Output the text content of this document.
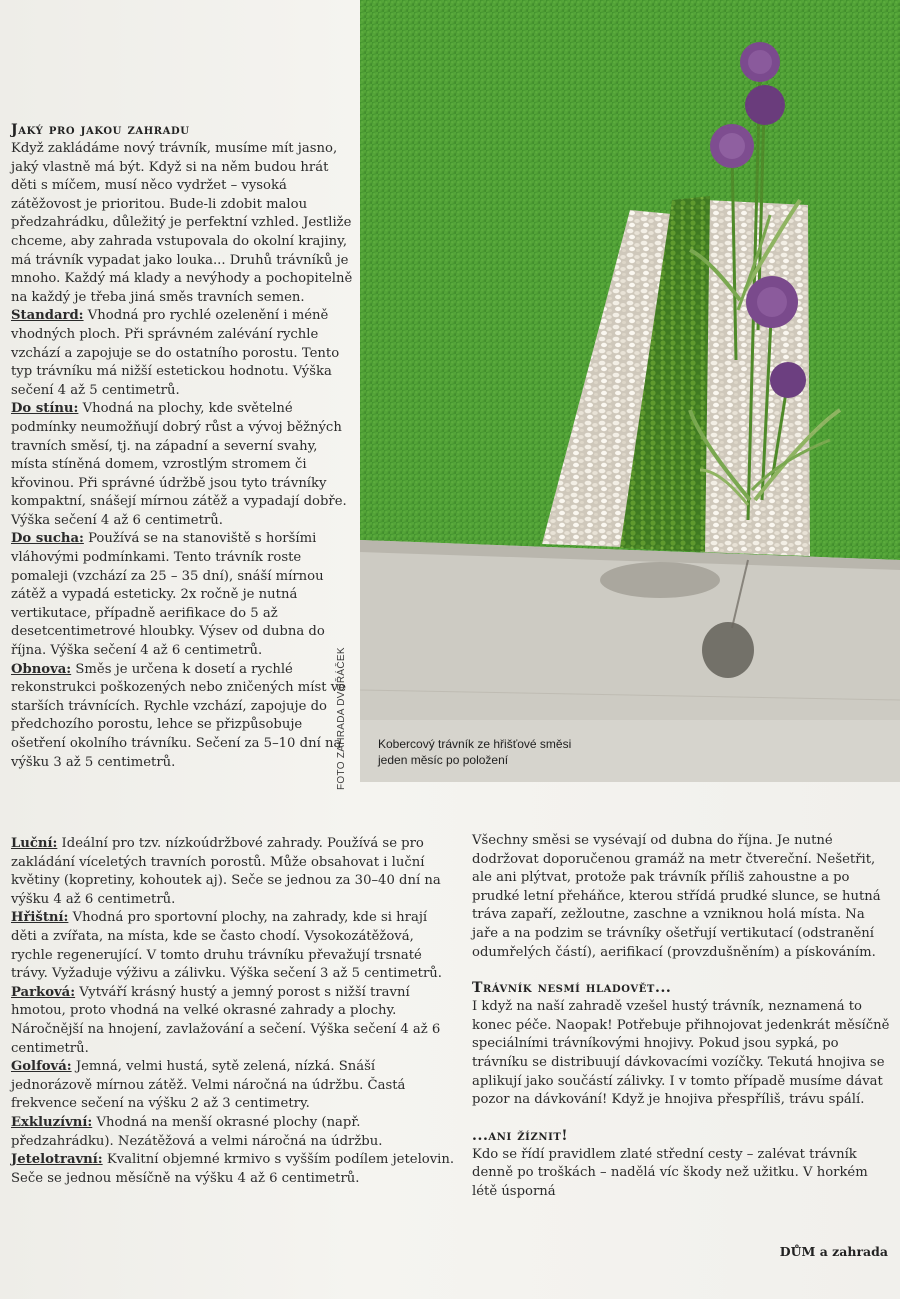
FOTO ZAHRADA DVOŘÁČEK	Kobercový trávník ze hřišťové směsi
jeden měsíc po položení
Jaký pro jakou zahradu

Když zakládáme nový trávník, musíme mít jasno, jaký vlastně má být. Když si na něm budou hrát děti s míčem, musí něco vydržet – vysoká zátěžovost je prioritou. Bude-li zdobit malou předzahrádku, důležitý je perfektní vzhled. Jestliže chceme, aby zahrada vstupovala do okolní krajiny, má trávník vypadat jako louka... Druhů trávníků je mnoho. Každý má klady a nevýhody a pochopitelně na každý je třeba jiná směs travních semen.

Standard: Vhodná pro rychlé ozelenění i méně vhodných ploch. Při správném zalévání rychle vzchází a zapojuje se do ostatního porostu. Tento typ trávníku má nižší estetickou hodnotu. Výška sečení 4 až 5 centimetrů.

Do stínu: Vhodná na plochy, kde světelné podmínky neumožňují dobrý růst a vývoj běžných travních směsí, tj. na západní a severní svahy, místa stíněná domem, vzrostlým stromem či křovinou. Při správné údržbě jsou tyto trávníky kompaktní, snášejí mírnou zátěž a vypadají dobře. Výška sečení 4 až 6 centimetrů.

Do sucha: Používá se na stanoviště s horšími vláhovými podmínkami. Tento trávník roste pomaleji (vzchází za 25 – 35 dní), snáší mírnou zátěž a vypadá esteticky. 2x ročně je nutná vertikutace, případně aerifikace do 5 až desetcentimetrové hloubky. Výsev od dubna do října. Výška sečení 4 až 6 centimetrů.

Obnova: Směs je určena k dosetí a rychlé rekonstrukci poškozených nebo zničených míst ve starších trávnících. Rychle vzchází, zapojuje do předchozího porostu, lehce se přizpůsobuje ošetření okolního trávníku. Sečení za 5–10 dní na výšku 3 až 5 centimetrů.

Luční: Ideální pro tzv. nízkoúdržbové zahrady. Používá se pro zakládání víceletých travních porostů. Může obsahovat i luční květiny (kopretiny, kohoutek aj). Seče se jednou za 30–40 dní na výšku 4 až 6 centimetrů.

Hřištní: Vhodná pro sportovní plochy, na zahrady, kde si hrají děti a zvířata, na místa, kde se často chodí. Vysokozátěžová, rychle regenerující. V tomto druhu trávníku převažují trsnaté trávy. Vyžaduje výživu a zálivku. Výška sečení 3 až 5 centimetrů.

Parková: Vytváří krásný hustý a jemný porost s nižší travní hmotou, proto vhodná na velké okrasné zahrady a plochy. Náročnější na hnojení, zavlažování a sečení. Výška sečení 4 až 6 centimetrů.

Golfová: Jemná, velmi hustá, sytě zelená, nízká. Snáší jednorázově mírnou zátěž. Velmi náročná na údržbu. Častá frekvence sečení na výšku 2 až 3 centimetry.

Exkluzívní: Vhodná na menší okrasné plochy (např. předzahrádku). Nezátěžová a velmi náročná na údržbu.

Jetelotravní: Kvalitní objemné krmivo s vyšším podílem jetelovin. Seče se jednou měsíčně na výšku 4 až 6 centimetrů.

Všechny směsi se vysévají od dubna do října. Je nutné dodržovat doporučenou gramáž na metr čtvereční. Nešetřit, ale ani plýtvat, protože pak trávník příliš zahoustne a po prudké letní přeháňce, kterou střídá prudké slunce, se hutná tráva zapaří, zežloutne, zaschne a vzniknou holá místa. Na jaře a na podzim se trávníky ošetřují vertikutací (odstranění odumřelých částí), aerifikací (provzdušněním) a pískováním.

Trávník nesmí hladovět...

I když na naší zahradě vzešel hustý trávník, neznamená to konec péče. Naopak! Potřebuje přihnojovat jedenkrát měsíčně speciálními trávníkovými hnojivy. Pokud jsou sypká, po trávníku se distribuují dávkovacími vozíčky. Tekutá hnojiva se aplikují jako součástí zálivky. I v tomto případě musíme dávat pozor na dávkování! Když je hnojiva přespříliš, trávu spálí.

...ani žíznit!

Kdo se řídí pravidlem zlaté střední cesty – zalévat trávník denně po troškách – nadělá víc škody než užitku. V horkém létě úsporná

DŮM a zahrada
